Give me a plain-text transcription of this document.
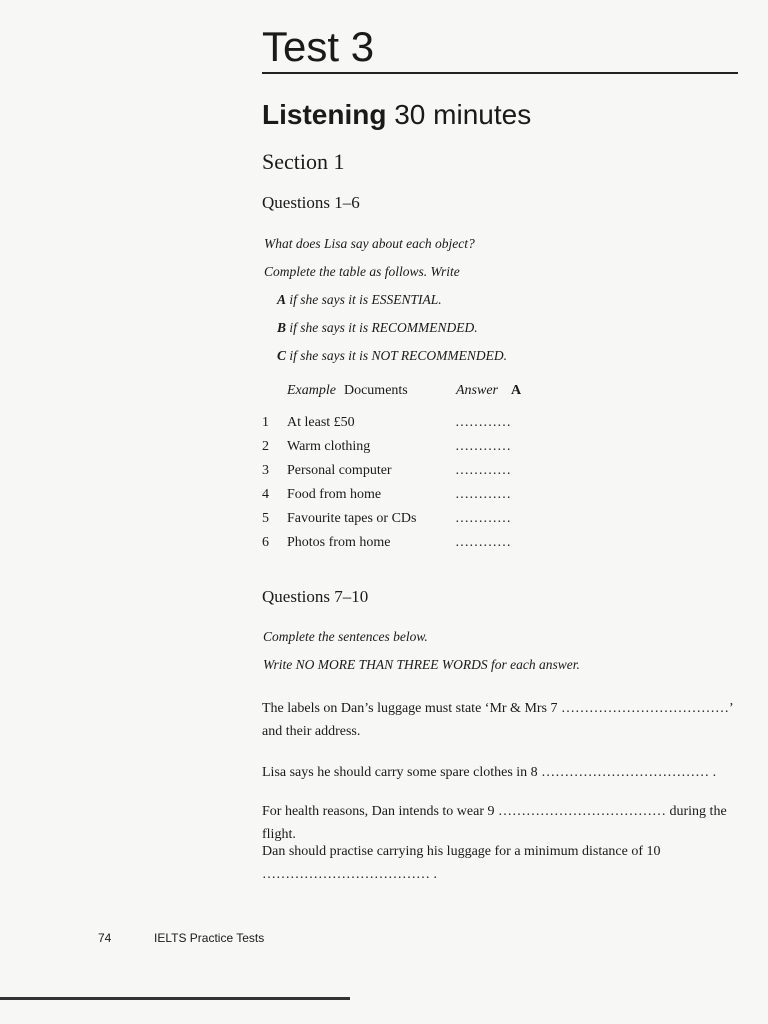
Test 3
Listening 30 minutes
Section 1
Questions 1–6
What does Lisa say about each object?
Complete the table as follows. Write
A if she says it is ESSENTIAL.
B if she says it is RECOMMENDED.
C if she says it is NOT RECOMMENDED.
Example Documents	Answer A
1	At least £50	…………
2	Warm clothing	…………
3	Personal computer	…………
4	Food from home	…………
5	Favourite tapes or CDs	…………
6	Photos from home	…………
Questions 7–10
Complete the sentences below.
Write NO MORE THAN THREE WORDS for each answer.
The labels on Dan’s luggage must state ‘Mr & Mrs 7 ………………………………’ and their address.
Lisa says he should carry some spare clothes in 8 ……………………………… .
For health reasons, Dan intends to wear 9 ……………………………… during the flight.
Dan should practise carrying his luggage for a minimum distance of 10 ……………………………… .
74	IELTS Practice Tests
